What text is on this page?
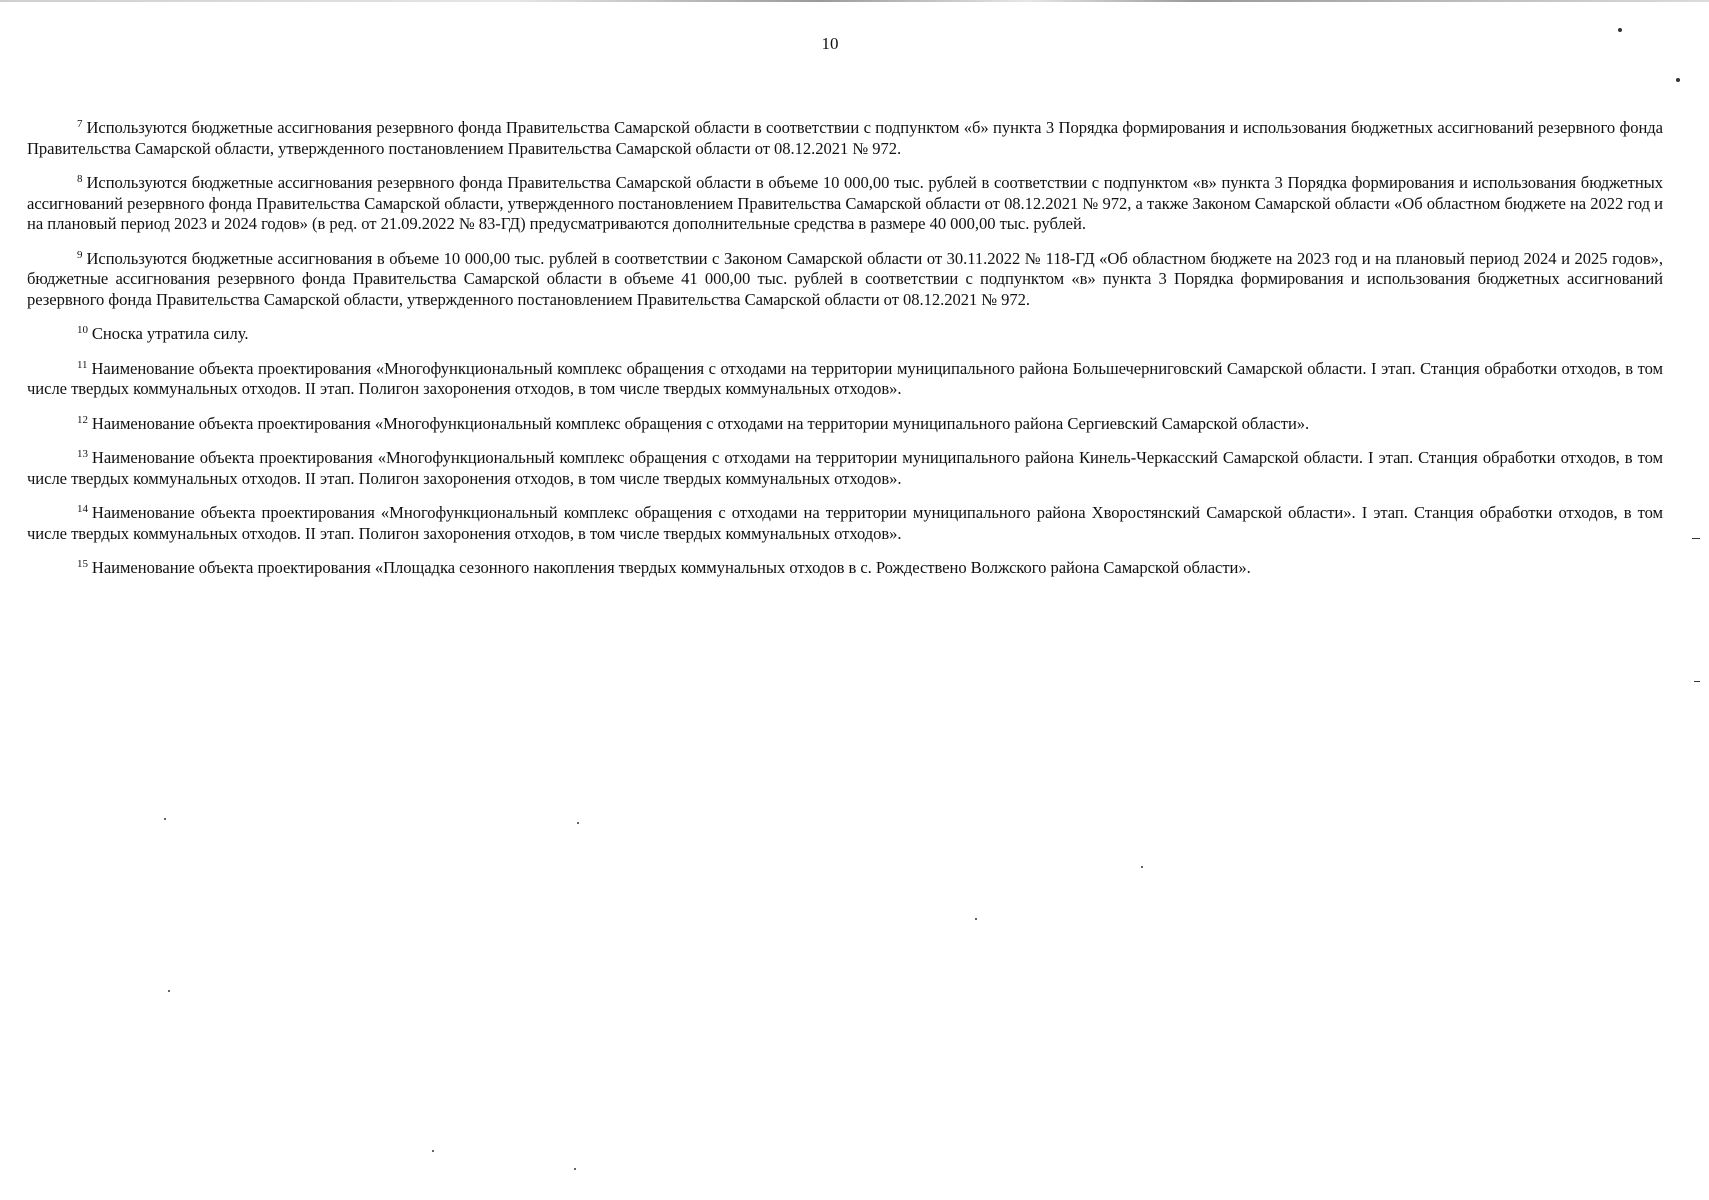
10

$^7$ Используются бюджетные ассигнования резервного фонда Правительства Самарской области в соответствии с подпунктом «б» пункта 3 Порядка формирования и использования бюджетных ассигнований резервного фонда Правительства Самарской области, утвержденного постановлением Правительства Самарской области от 08.12.2021 № 972.

$^8$ Используются бюджетные ассигнования резервного фонда Правительства Самарской области в объеме 10 000,00 тыс. рублей в соответствии с подпунктом «в» пункта 3 Порядка формирования и использования бюджетных ассигнований резервного фонда Правительства Самарской области, утвержденного постановлением Правительства Самарской области от 08.12.2021 № 972, а также Законом Самарской области «Об областном бюджете на 2022 год и на плановый период 2023 и 2024 годов» (в ред. от 21.09.2022 № 83-ГД) предусматриваются дополнительные средства в размере 40 000,00 тыс. рублей.

$^9$ Используются бюджетные ассигнования в объеме 10 000,00 тыс. рублей в соответствии с Законом Самарской области от 30.11.2022 № 118-ГД «Об областном бюджете на 2023 год и на плановый период 2024 и 2025 годов», бюджетные ассигнования резервного фонда Правительства Самарской области в объеме 41 000,00 тыс. рублей в соответствии с подпунктом «в» пункта 3 Порядка формирования и использования бюджетных ассигнований резервного фонда Правительства Самарской области, утвержденного постановлением Правительства Самарской области от 08.12.2021 № 972.

$^{10}$ Сноска утратила силу.

$^{11}$ Наименование объекта проектирования «Многофункциональный комплекс обращения с отходами на территории муниципального района Большечерниговский Самарской области. I этап. Станция обработки отходов, в том числе твердых коммунальных отходов. II этап. Полигон захоронения отходов, в том числе твердых коммунальных отходов».

$^{12}$ Наименование объекта проектирования «Многофункциональный комплекс обращения с отходами на территории муниципального района Сергиевский Самарской области».

$^{13}$ Наименование объекта проектирования «Многофункциональный комплекс обращения с отходами на территории муниципального района Кинель-Черкасский Самарской области. I этап. Станция обработки отходов, в том числе твердых коммунальных отходов. II этап. Полигон захоронения отходов, в том числе твердых коммунальных отходов».

$^{14}$ Наименование объекта проектирования «Многофункциональный комплекс обращения с отходами на территории муниципального района Хворостянский Самарской области». I этап. Станция обработки отходов, в том числе твердых коммунальных отходов. II этап. Полигон захоронения отходов, в том числе твердых коммунальных отходов».

$^{15}$ Наименование объекта проектирования «Площадка сезонного накопления твердых коммунальных отходов в с. Рождествено Волжского района Самарской области».
